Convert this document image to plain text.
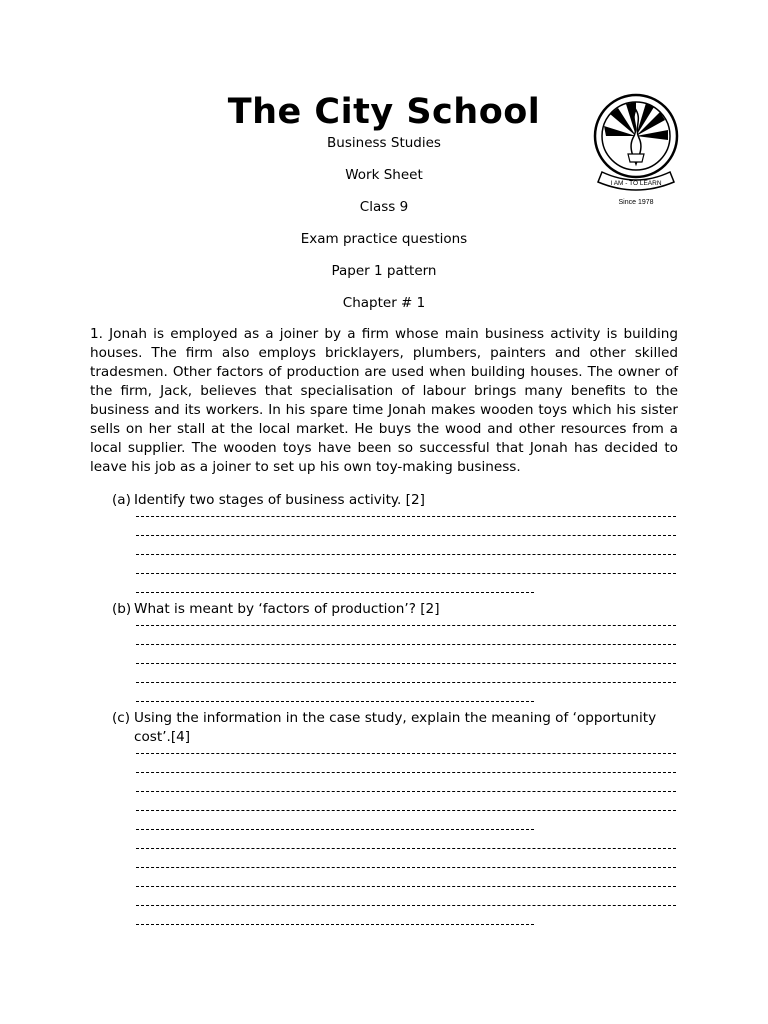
The City School
Business Studies
Work Sheet
Class 9
Exam practice questions
Paper 1 pattern
Chapter # 1
I AM - TO LEARN
Since 1978
1. Jonah is employed as a joiner by a firm whose main business activity is building houses. The firm also employs bricklayers, plumbers, painters and other skilled tradesmen. Other factors of production are used when building houses. The owner of the firm, Jack, believes that specialisation of labour brings many benefits to the business and its workers. In his spare time Jonah makes wooden toys which his sister sells on her stall at the local market. He buys the wood and other resources from a local supplier. The wooden toys have been so successful that Jonah has decided to leave his job as a joiner to set up his own toy-making business.
(a) Identify two stages of business activity. [2]
(b) What is meant by ‘factors of production’? [2]
(c) Using the information in the case study, explain the meaning of ‘opportunity cost’.[4]
